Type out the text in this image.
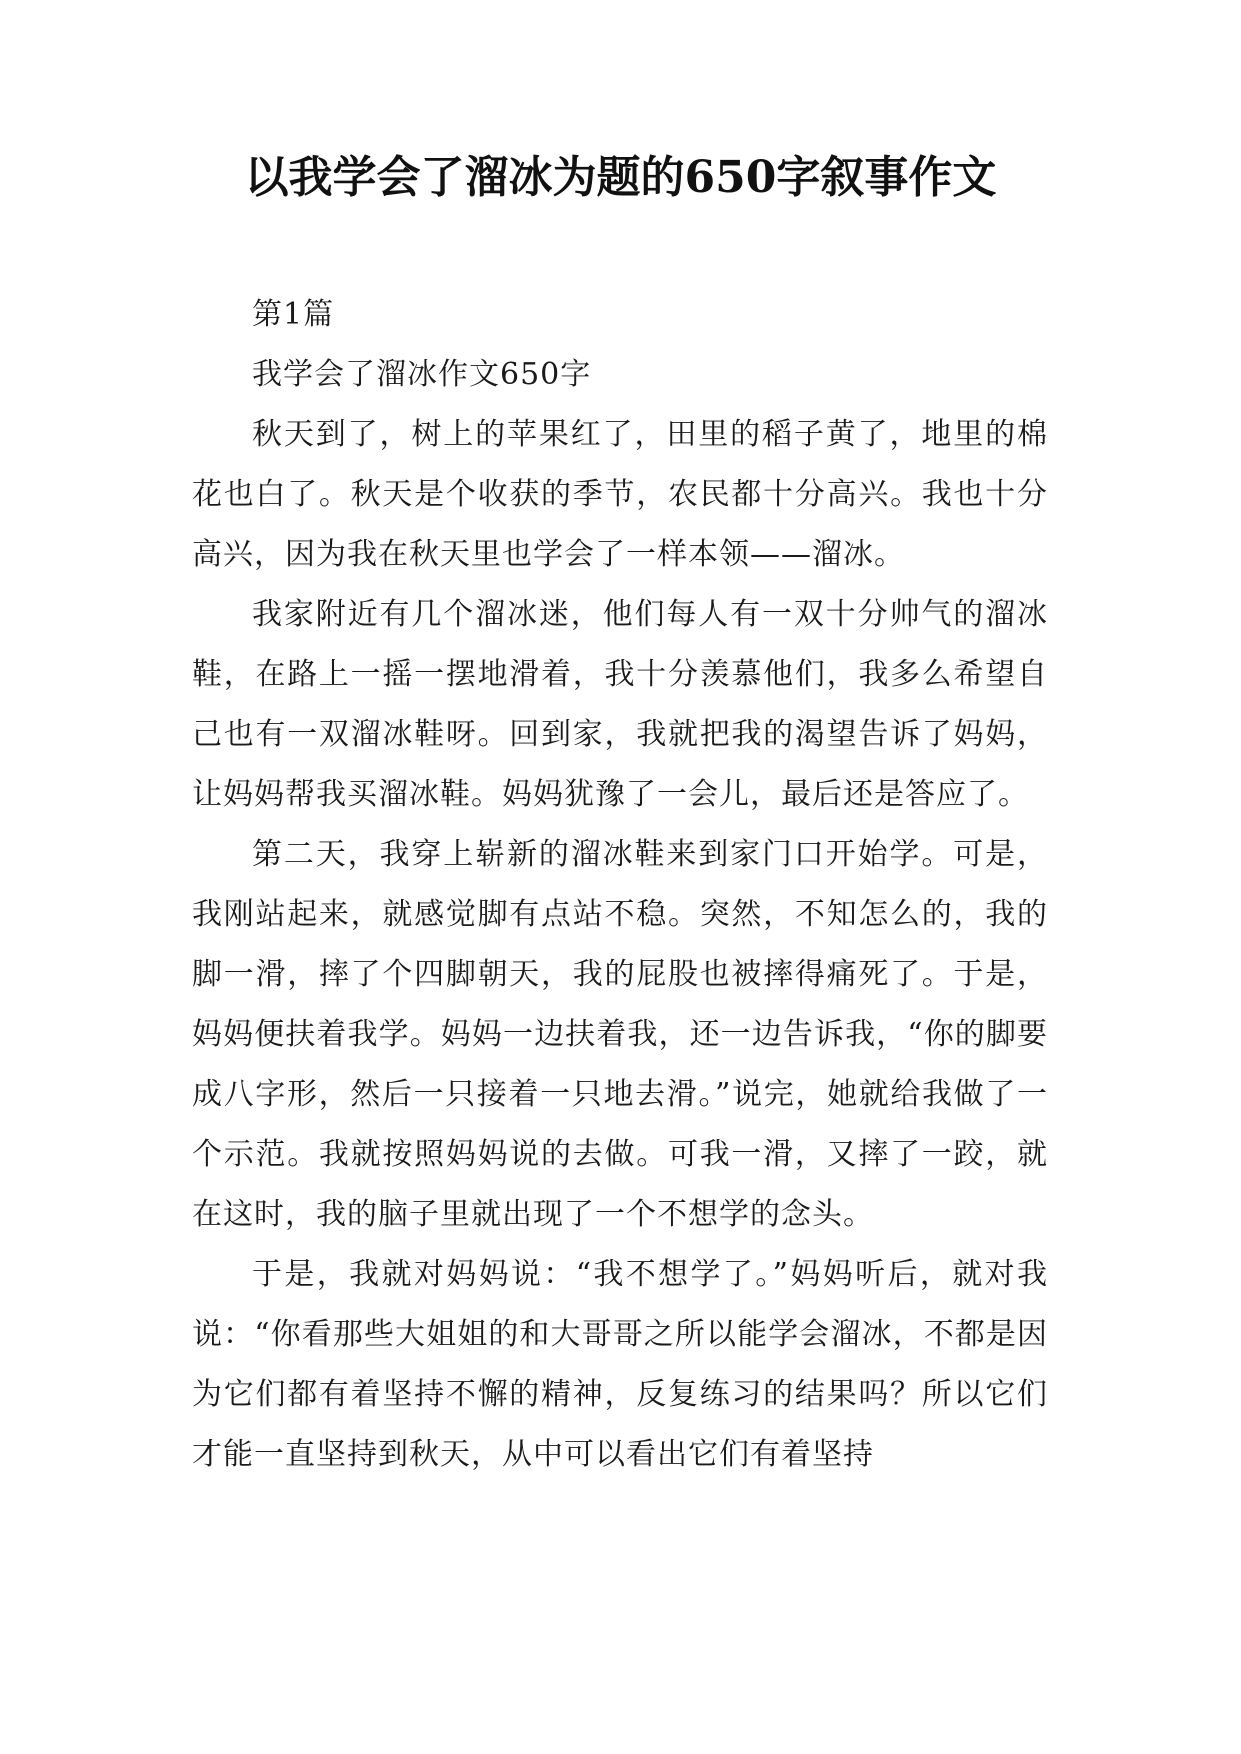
以我学会了溜冰为题的650字叙事作文

第1篇

我学会了溜冰作文650字

秋天到了，树上的苹果红了，田里的稻子黄了，地里的棉花也白了。秋天是个收获的季节，农民都十分高兴。我也十分高兴，因为我在秋天里也学会了一样本领——溜冰。

我家附近有几个溜冰迷，他们每人有一双十分帅气的溜冰鞋，在路上一摇一摆地滑着，我十分羡慕他们，我多么希望自己也有一双溜冰鞋呀。回到家，我就把我的渴望告诉了妈妈，让妈妈帮我买溜冰鞋。妈妈犹豫了一会儿，最后还是答应了。

第二天，我穿上崭新的溜冰鞋来到家门口开始学。可是，我刚站起来，就感觉脚有点站不稳。突然，不知怎么的，我的脚一滑，摔了个四脚朝天，我的屁股也被摔得痛死了。于是，妈妈便扶着我学。妈妈一边扶着我，还一边告诉我，“你的脚要成八字形，然后一只接着一只地去滑。”说完，她就给我做了一个示范。我就按照妈妈说的去做。可我一滑，又摔了一跤，就在这时，我的脑子里就出现了一个不想学的念头。

于是，我就对妈妈说：“我不想学了。”妈妈听后，就对我说：“你看那些大姐姐的和大哥哥之所以能学会溜冰，不都是因为它们都有着坚持不懈的精神，反复练习的结果吗？所以它们才能一直坚持到秋天，从中可以看出它们有着坚持
